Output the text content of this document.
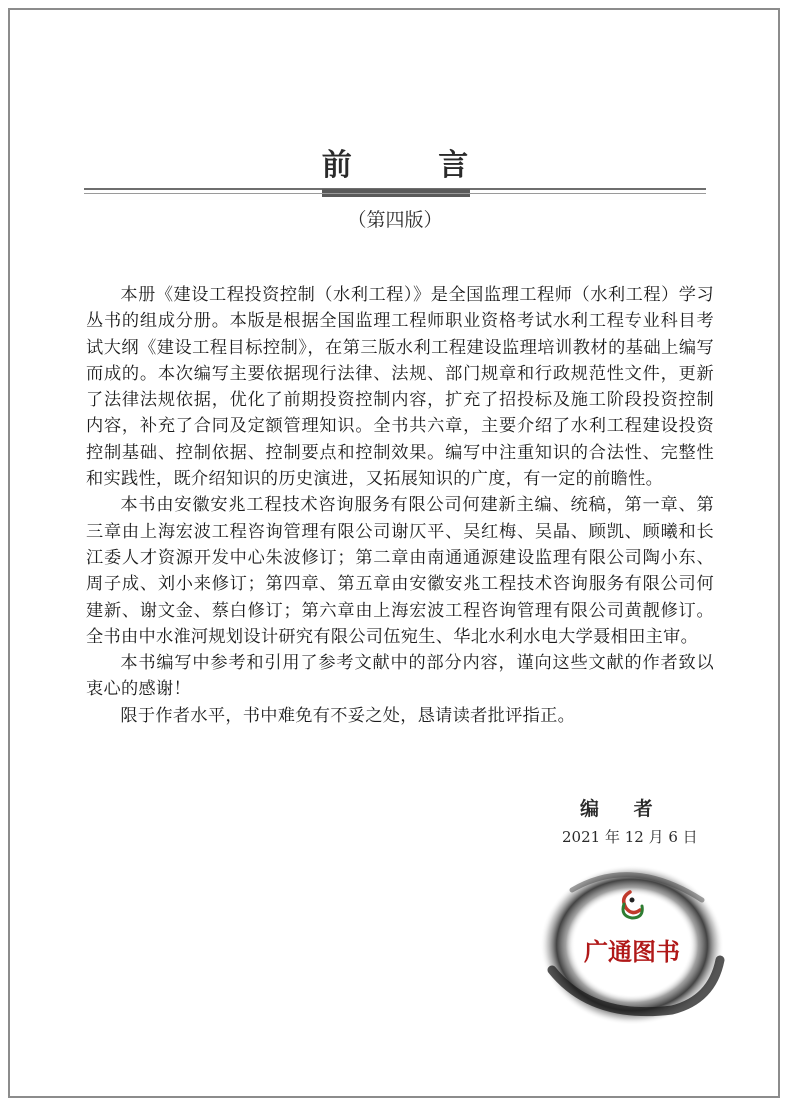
前 言
（第四版）

本册《建设工程投资控制（水利工程）》是全国监理工程师（水利工程）学习丛书的组成分册。本版是根据全国监理工程师职业资格考试水利工程专业科目考试大纲《建设工程目标控制》，在第三版水利工程建设监理培训教材的基础上编写而成的。本次编写主要依据现行法律、法规、部门规章和行政规范性文件，更新了法律法规依据，优化了前期投资控制内容，扩充了招投标及施工阶段投资控制内容，补充了合同及定额管理知识。全书共六章，主要介绍了水利工程建设投资控制基础、控制依据、控制要点和控制效果。编写中注重知识的合法性、完整性和实践性，既介绍知识的历史演进，又拓展知识的广度，有一定的前瞻性。

本书由安徽安兆工程技术咨询服务有限公司何建新主编、统稿，第一章、第三章由上海宏波工程咨询管理有限公司谢仄平、吴红梅、吴晶、顾凯、顾曦和长江委人才资源开发中心朱波修订；第二章由南通通源建设监理有限公司陶小东、周子成、刘小来修订；第四章、第五章由安徽安兆工程技术咨询服务有限公司何建新、谢文金、蔡白修订；第六章由上海宏波工程咨询管理有限公司黄靓修订。全书由中水淮河规划设计研究有限公司伍宛生、华北水利水电大学聂相田主审。

本书编写中参考和引用了参考文献中的部分内容，谨向这些文献的作者致以衷心的感谢！

限于作者水平，书中难免有不妥之处，恳请读者批评指正。

编 者
2021 年 12 月 6 日
广通图书
